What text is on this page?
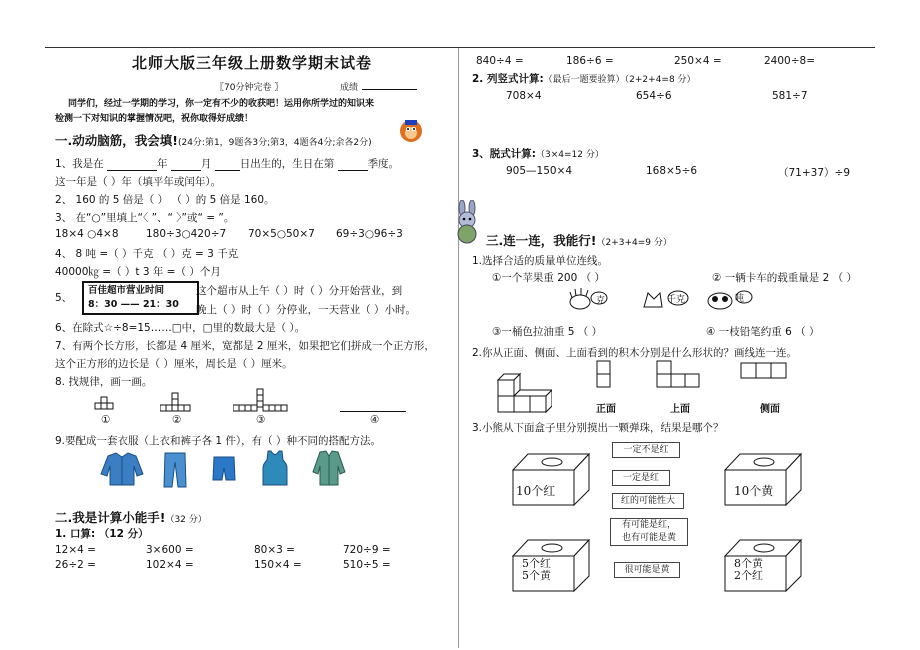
北师大版三年级上册数学期末试卷
〖70分钟完卷 〗	成绩
同学们，经过一学期的学习，你一定有不少的收获吧！运用你所学过的知识来
检测一下对知识的掌握情况吧，祝你取得好成绩！
一.动动脑筋，我会填!(24分:第1，9题各3分;第3，4题各4分;余各2分)
1、我是在	年	月	日出生的，生日在第	季度。
这一年是（ ）年（填平年或闰年）。
2、 160 的 5 倍是（ ） （ ）的 5 倍是 160。
3、 在“○”里填上“〈 ”、“ 〉”或“ = ”。
18×4 ○4×8	180÷3○420÷7 70×5○50×7 69÷3○96÷3
4、 8 吨 =（ ）千克 （ ）克 = 3 千克
40000㎏ =（ ）t 3 年 =（ ）个月
5、
百佳超市营业时间
8：30 —— 21：30
这个超市从上午（ ）时（ ）分开始营业，到
晚上（ ）时（ ）分停业，一天营业（ ）小时。
6、在除式☆÷8=15……□中，□里的数最大是（ ）。
7、有两个长方形，长都是 4 厘米，宽都是 2 厘米，如果把它们拼成一个正方形，
这个正方形的边长是（ ）厘米，周长是（ ）厘米。
8. 找规律，画一画。
①	②	③	④
9.要配成一套衣服（上衣和裤子各 1 件），有（ ）种不同的搭配方法。
二.我是计算小能手!（32 分）
1. 口算: （12 分）
12×4 =	3×600 =	80×3 =	720÷9 =
26÷2 =	102×4 =	150×4 =	510÷5 =
840÷4 =	186÷6 =	250×4 =	2400÷8=
2. 列竖式计算:（最后一题要验算）（2+2+4=8 分）
708×4	654÷6	581÷7
3、脱式计算:（3×4=12 分）
905—150×4	168×5÷6	（71+37）÷9
三.连一连，我能行!（2+3+4=9 分）
1.选择合适的质量单位连线。
①一个苹果重 200 （ ）	② 一辆卡车的载重量是 2 （ ）
克	千克	吨
③一桶色拉油重 5 （ ）	④ 一枝铅笔约重 6 （ ）
2.你从正面、侧面、上面看到的积木分别是什么形状的？画线连一连。
正面	上面	侧面
3.小熊从下面盒子里分别摸出一颗弹珠，结果是哪个？
10个红	10个黄
5个红
5个黄
8个黄
2个红
一定不是红
一定是红
红的可能性大
有可能是红，
也有可能是黄
很可能是黄
